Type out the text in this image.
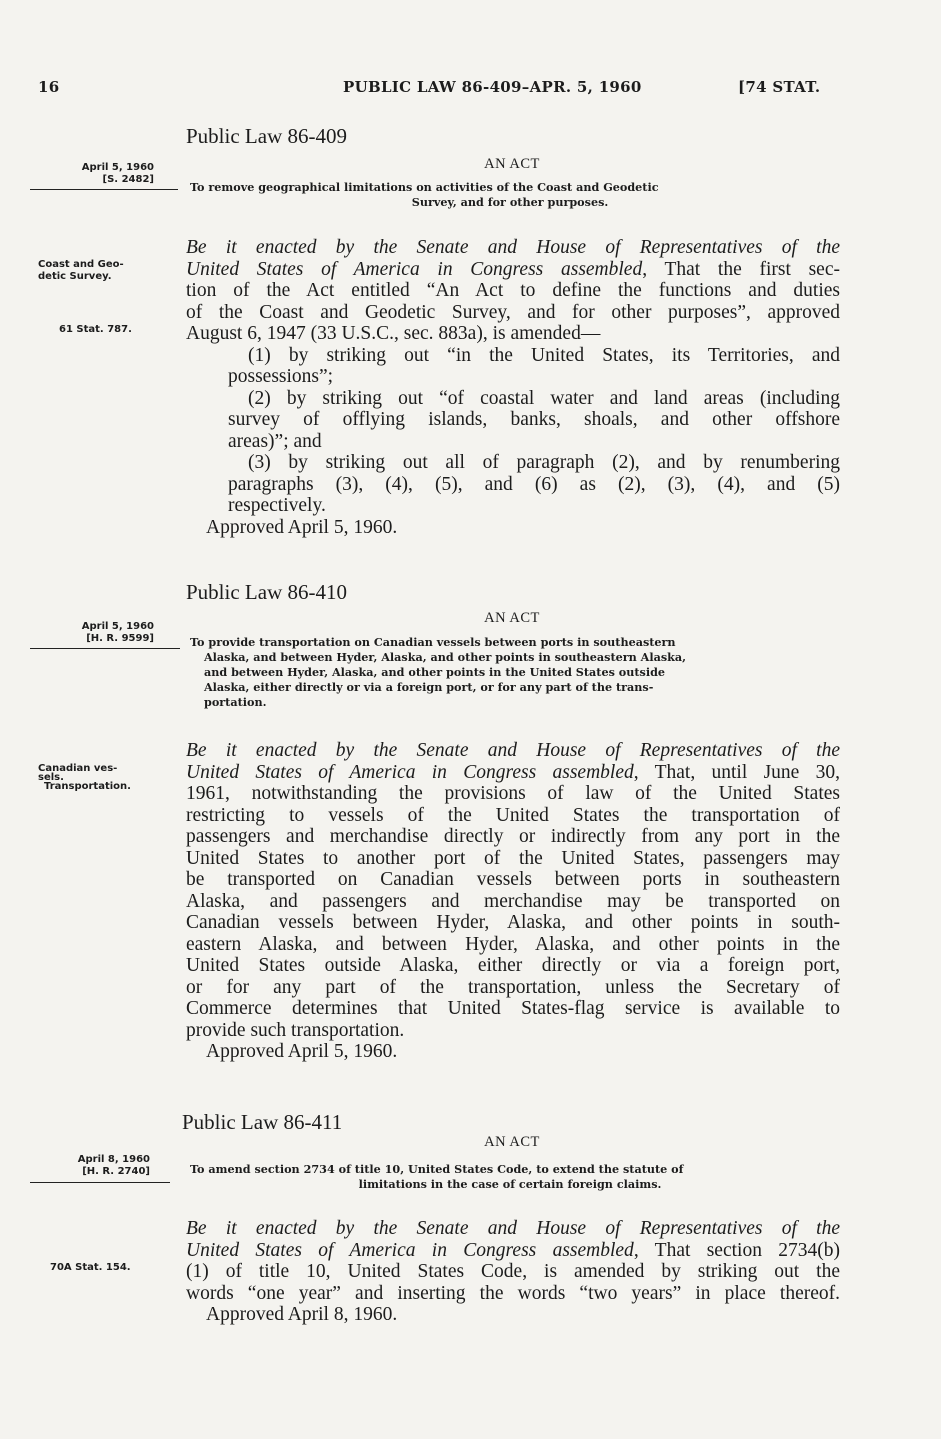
16	PUBLIC LAW 86-409–APR. 5, 1960	[74 STAT.
Public Law 86-409
AN ACT
April 5, 1960
[S. 2482]
To remove geographical limitations on activities of the Coast and Geodetic
Survey, and for other purposes.
Coast and Geo-
detic Survey.
61 Stat. 787.
Be it enacted by the Senate and House of Representatives of the
United States of America in Congress assembled, That the first sec-
tion of the Act entitled “An Act to define the functions and duties
of the Coast and Geodetic Survey, and for other purposes”, approved
August 6, 1947 (33 U.S.C., sec. 883a), is amended—
(1) by striking out “in the United States, its Territories, and
possessions”;
(2) by striking out “of coastal water and land areas (including
survey of offlying islands, banks, shoals, and other offshore
areas)”; and
(3) by striking out all of paragraph (2), and by renumbering
paragraphs (3), (4), (5), and (6) as (2), (3), (4), and (5)
respectively.
Approved April 5, 1960.
Public Law 86-410
AN ACT
April 5, 1960
[H. R. 9599]	To provide transportation on Canadian vessels between ports in southeastern
Alaska, and between Hyder, Alaska, and other points in southeastern Alaska,
and between Hyder, Alaska, and other points in the United States outside
Alaska, either directly or via a foreign port, or for any part of the trans-
portation.
Canadian ves-
sels.
Transportation.
Be it enacted by the Senate and House of Representatives of the
United States of America in Congress assembled, That, until June 30,
1961, notwithstanding the provisions of law of the United States
restricting to vessels of the United States the transportation of
passengers and merchandise directly or indirectly from any port in the
United States to another port of the United States, passengers may
be transported on Canadian vessels between ports in southeastern
Alaska, and passengers and merchandise may be transported on
Canadian vessels between Hyder, Alaska, and other points in south-
eastern Alaska, and between Hyder, Alaska, and other points in the
United States outside Alaska, either directly or via a foreign port,
or for any part of the transportation, unless the Secretary of
Commerce determines that United States-flag service is available to
provide such transportation.
Approved April 5, 1960.
Public Law 86-411
AN ACT
April 8, 1960
[H. R. 2740]	To amend section 2734 of title 10, United States Code, to extend the statute of
limitations in the case of certain foreign claims.
70A Stat. 154.
Be it enacted by the Senate and House of Representatives of the
United States of America in Congress assembled, That section 2734(b)
(1) of title 10, United States Code, is amended by striking out the
words “one year” and inserting the words “two years” in place thereof.
Approved April 8, 1960.
